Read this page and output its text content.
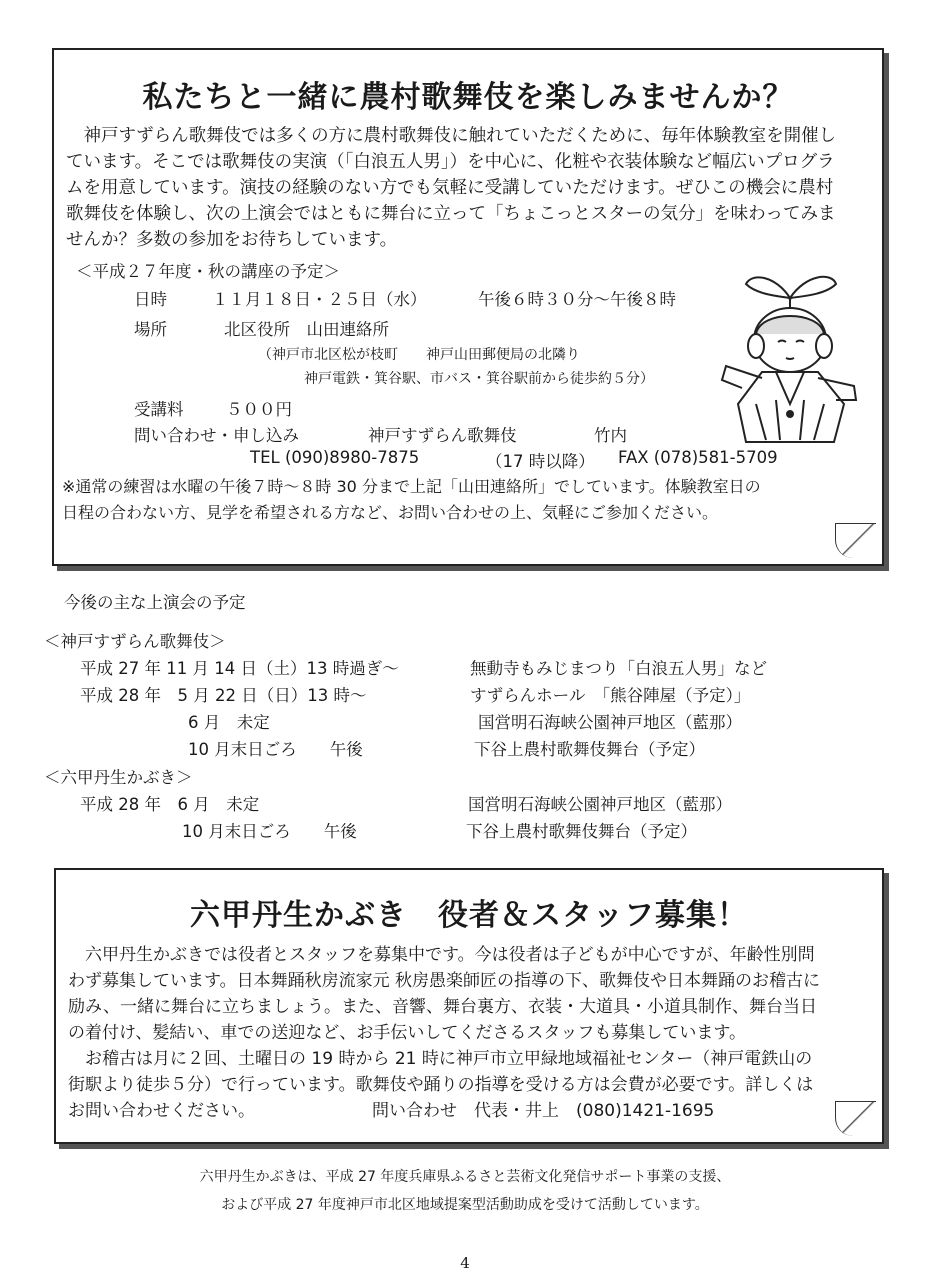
私たちと一緒に農村歌舞伎を楽しみませんか？
　神戸すずらん歌舞伎では多くの方に農村歌舞伎に触れていただくために、毎年体験教室を開催し
ています。そこでは歌舞伎の実演（「白浪五人男」）を中心に、化粧や衣装体験など幅広いプログラ
ムを用意しています。演技の経験のない方でも気軽に受講していただけます。ぜひこの機会に農村
歌舞伎を体験し、次の上演会ではともに舞台に立って「ちょこっとスターの気分」を味わってみま
せんか？多数の参加をお待ちしています。
＜平成２７年度・秋の講座の予定＞
日時	１１月１８日・２５日（水）	午後６時３０分～午後８時
場所	北区役所　山田連絡所
（神戸市北区松が枝町　　神戸山田郵便局の北隣り
神戸電鉄・箕谷駅、市バス・箕谷駅前から徒歩約５分）
受講料	５００円
問い合わせ・申し込み	神戸すずらん歌舞伎	竹内
TEL (090)8980-7875	（17 時以降） FAX (078)581-5709
※通常の練習は水曜の午後７時～８時 30 分まで上記「山田連絡所」でしています。体験教室日の
日程の合わない方、見学を希望される方など、お問い合わせの上、気軽にご参加ください。
今後の主な上演会の予定
＜神戸すずらん歌舞伎＞
平成 27 年 11 月 14 日（土）13 時過ぎ～	無動寺もみじまつり「白浪五人男」など
平成 28 年　5 月 22 日（日）13 時～	すずらんホール　「熊谷陣屋（予定）」
6 月　未定	国営明石海峡公園神戸地区（藍那）
10 月末日ごろ　　午後	下谷上農村歌舞伎舞台（予定）
＜六甲丹生かぶき＞
平成 28 年　6 月　未定	国営明石海峡公園神戸地区（藍那）
10 月末日ごろ　　午後	下谷上農村歌舞伎舞台（予定）
六甲丹生かぶき　役者＆スタッフ募集！
　六甲丹生かぶきでは役者とスタッフを募集中です。今は役者は子どもが中心ですが、年齢性別問
わず募集しています。日本舞踊秋房流家元 秋房愚楽師匠の指導の下、歌舞伎や日本舞踊のお稽古に
励み、一緒に舞台に立ちましょう。また、音響、舞台裏方、衣装・大道具・小道具制作、舞台当日
の着付け、髪結い、車での送迎など、お手伝いしてくださるスタッフも募集しています。
　お稽古は月に２回、土曜日の 19 時から 21 時に神戸市立甲緑地域福祉センター（神戸電鉄山の
街駅より徒歩５分）で行っています。歌舞伎や踊りの指導を受ける方は会費が必要です。詳しくは
お問い合わせください。	問い合わせ　代表・井上　(080)1421-1695
六甲丹生かぶきは、平成 27 年度兵庫県ふるさと芸術文化発信サポート事業の支援、
および平成 27 年度神戸市北区地域提案型活動助成を受けて活動しています。
4
